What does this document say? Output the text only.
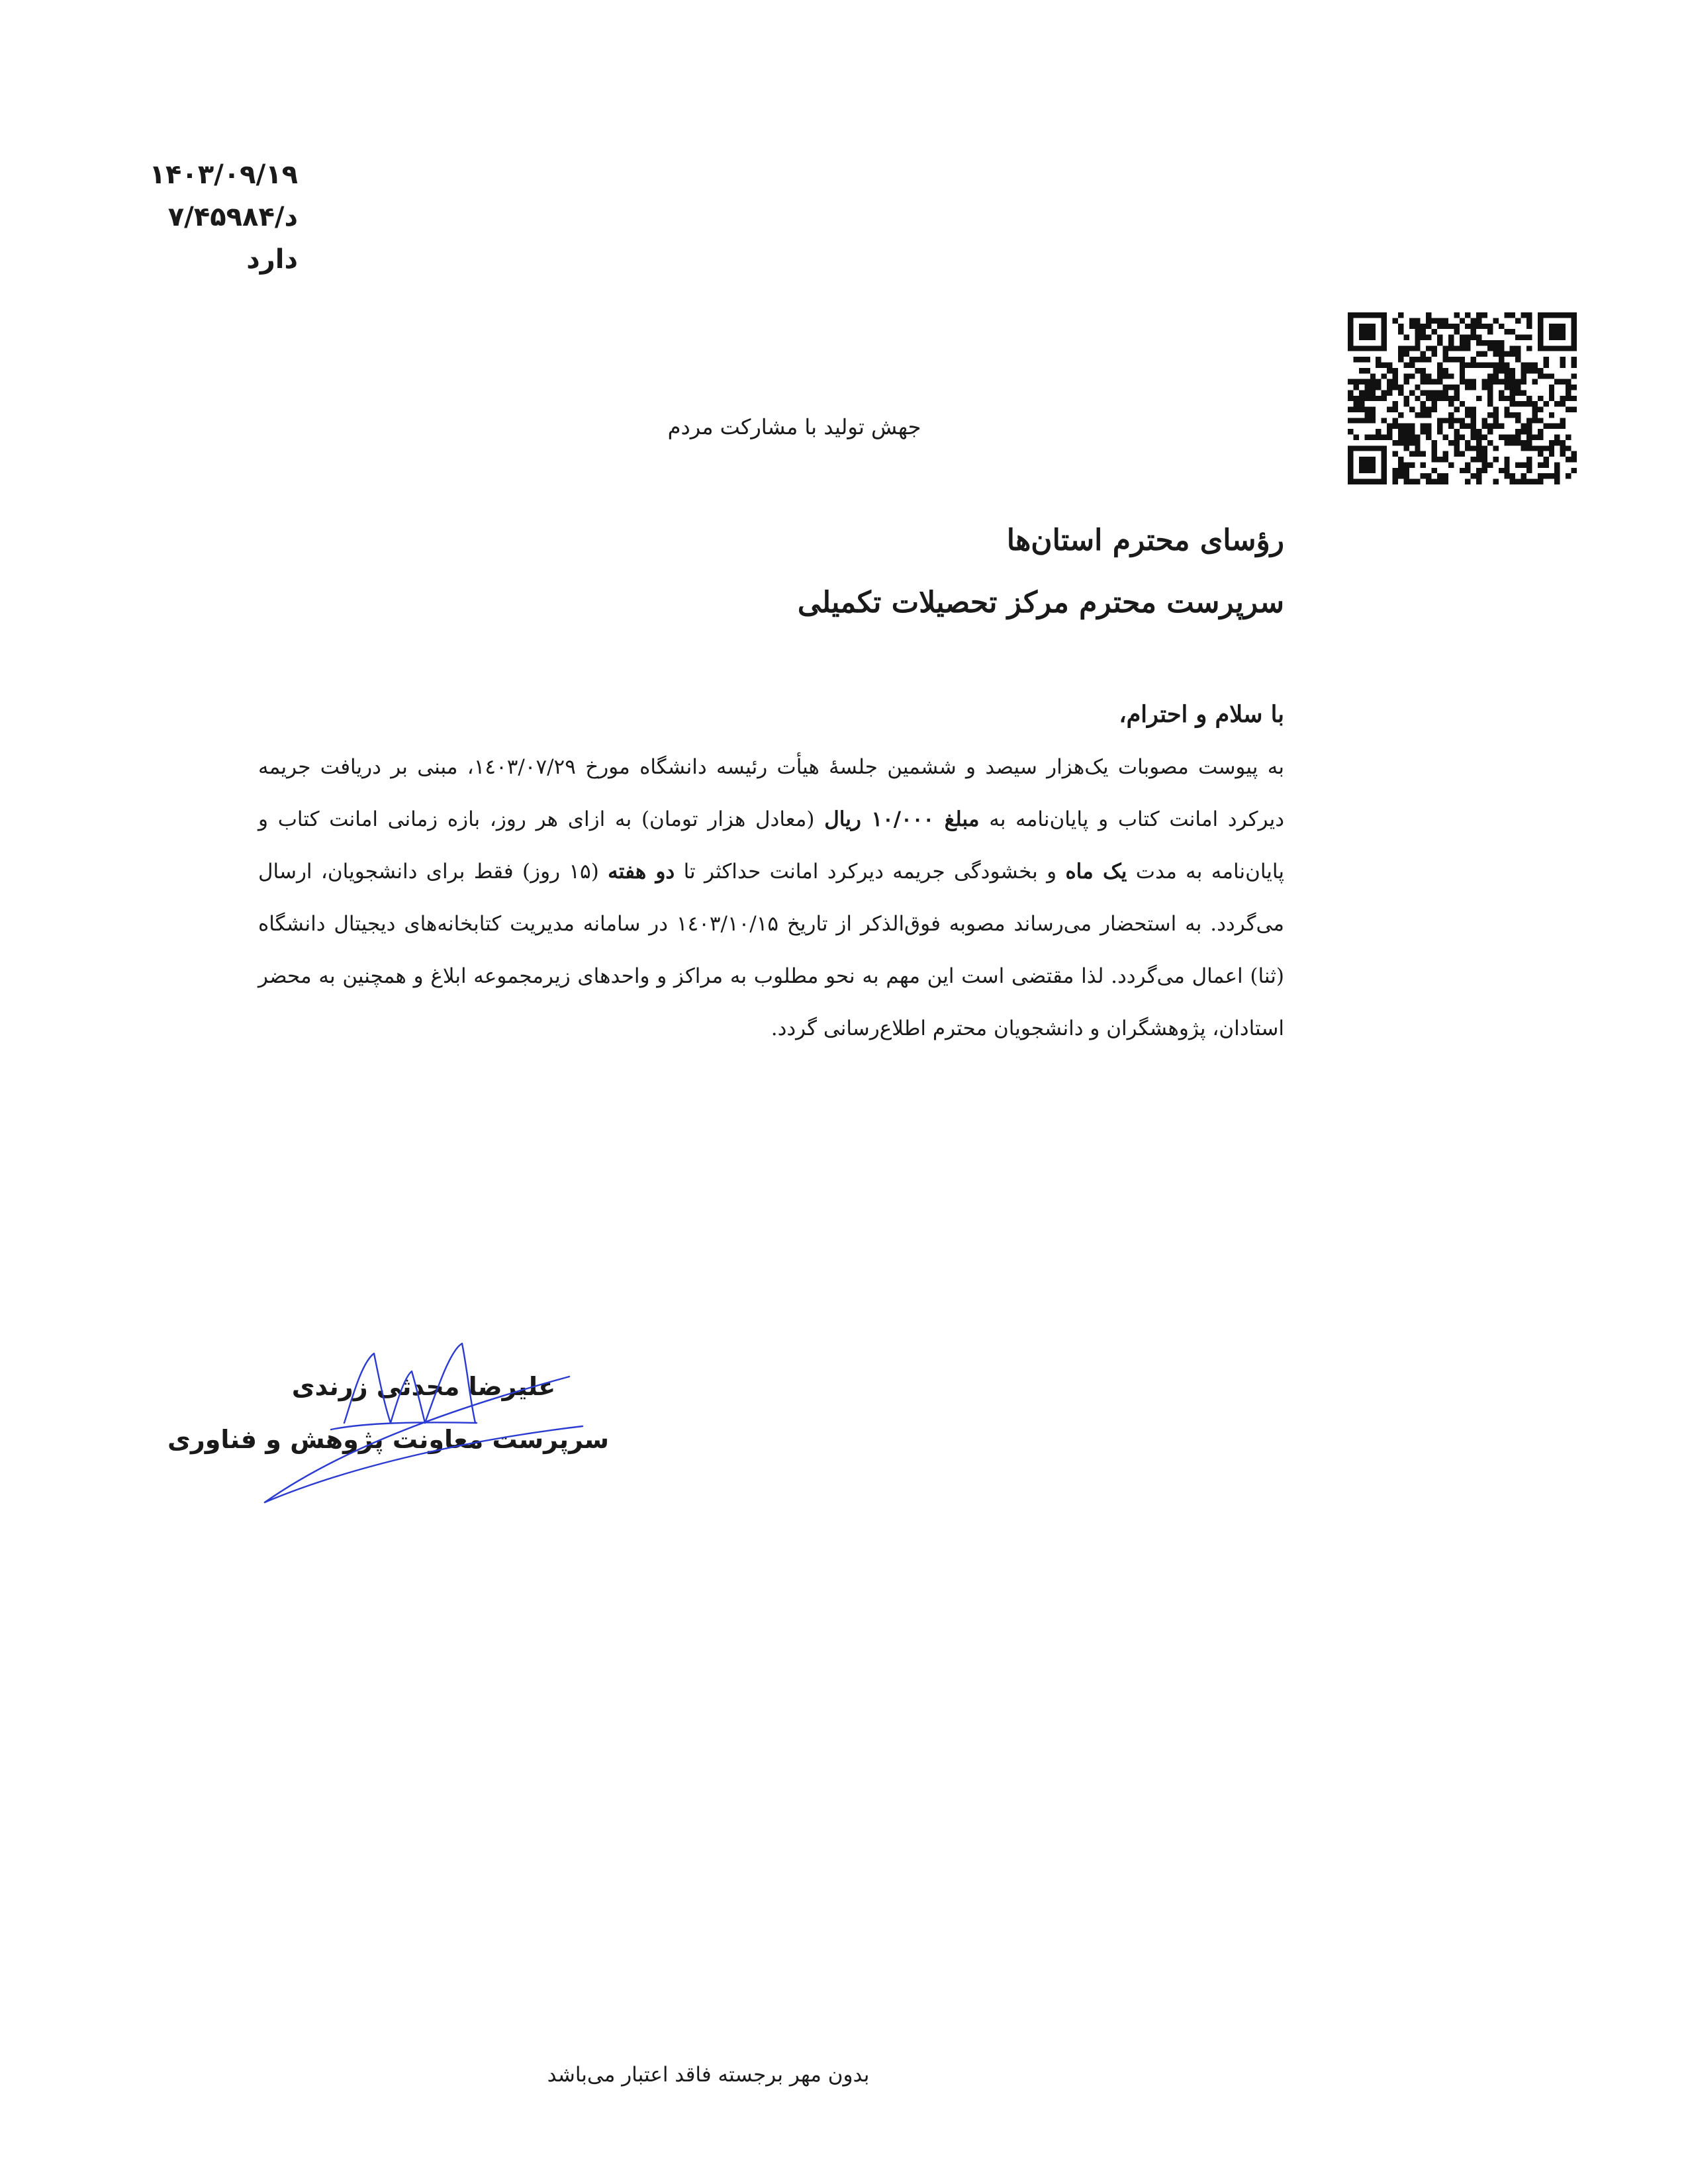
۱۴۰۳/۰۹/۱۹
د/۷/۴۵۹۸۴
دارد
جهش تولید با مشارکت مردم
رؤسای محترم استان‌ها
سرپرست محترم مرکز تحصیلات تکمیلی
با سلام و احترام،
به پیوست مصوبات یک‌هزار سیصد و ششمین جلسهٔ هیأت رئیسه دانشگاه مورخ ۱٤۰۳/۰۷/۲۹، مبنی بر دریافت جریمه دیرکرد امانت کتاب و پایان‌نامه به مبلغ ۱۰/۰۰۰ ریال (معادل هزار تومان) به ازای هر روز، بازه زمانی امانت کتاب و پایان‌نامه به مدت یک ماه و بخشودگی جریمه دیرکرد امانت حداکثر تا دو هفته (۱۵ روز) فقط برای دانشجویان، ارسال می‌گردد. به استحضار می‌رساند مصوبه فوق‌الذکر از تاریخ ۱٤۰۳/۱۰/۱۵ در سامانه مدیریت کتابخانه‌های دیجیتال دانشگاه (ثنا) اعمال می‌گردد. لذا مقتضی است این مهم به نحو مطلوب به مراکز و واحدهای زیرمجموعه ابلاغ و همچنین به محضر استادان، پژوهشگران و دانشجویان محترم اطلاع‌رسانی گردد.
علیرضا محدثی زرندی
سرپرست معاونت پژوهش و فناوری
بدون مهر برجسته فاقد اعتبار می‌باشد
